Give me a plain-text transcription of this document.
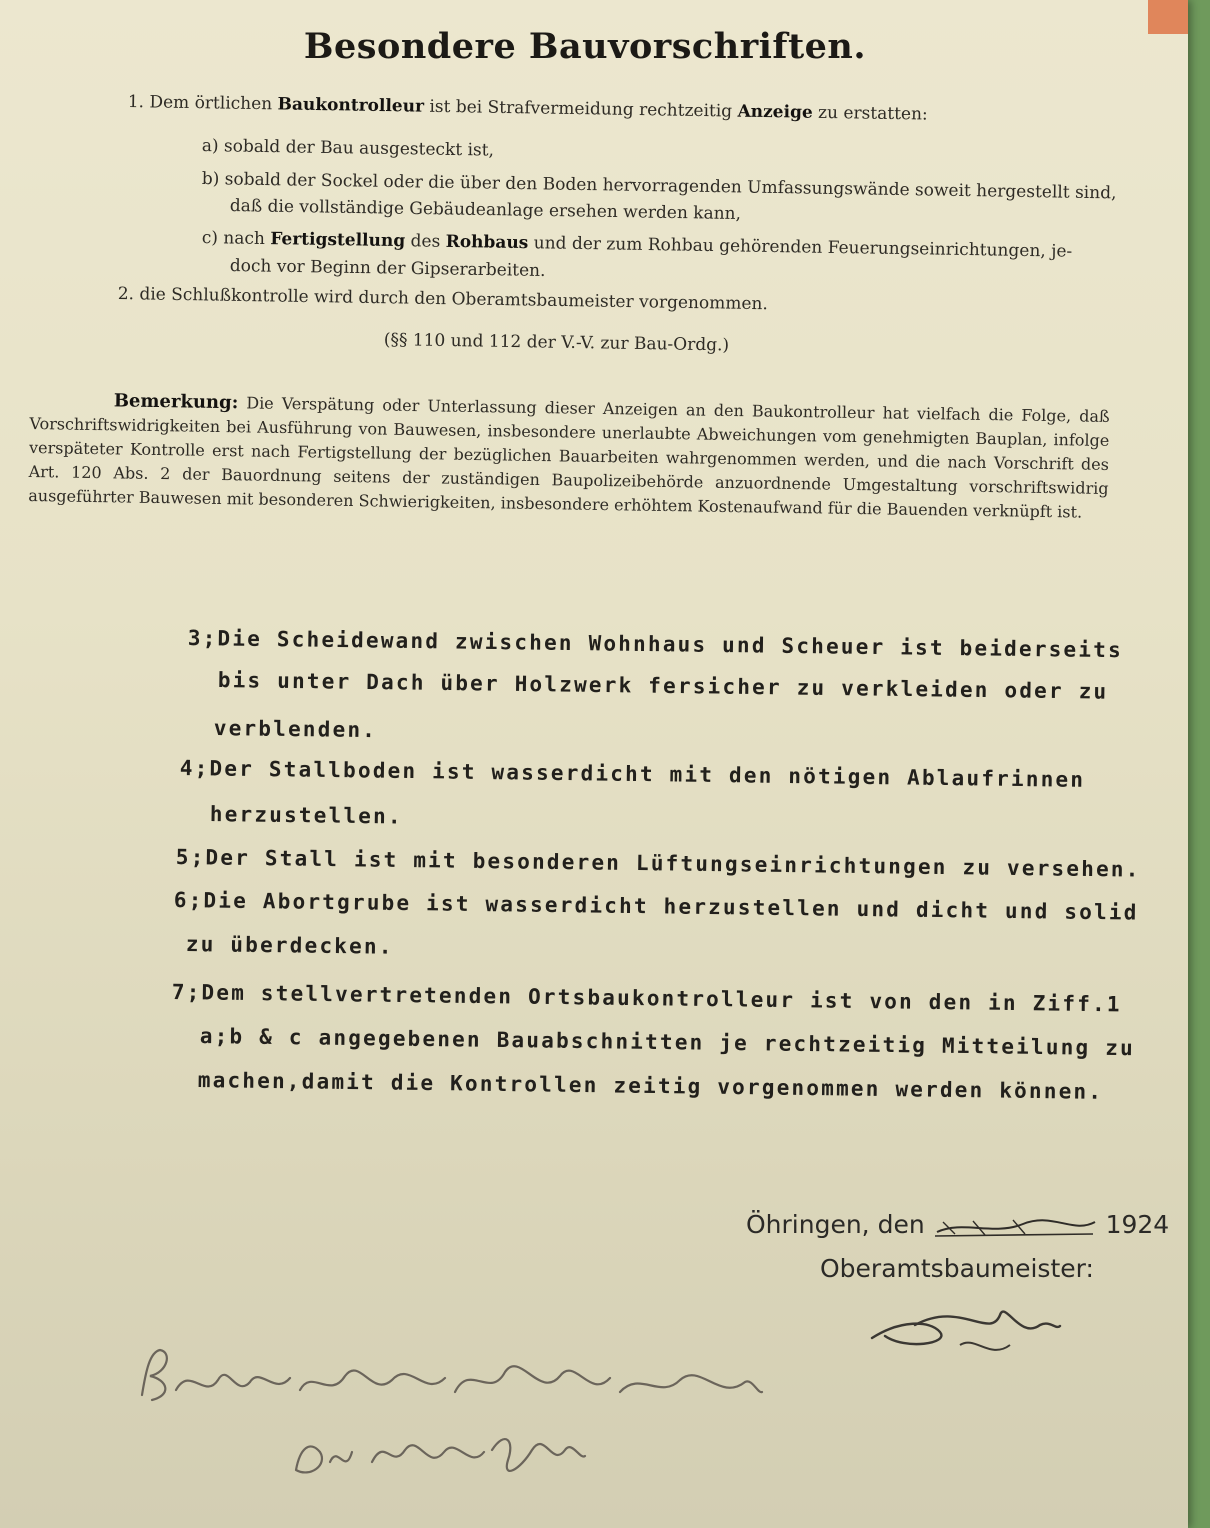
Besondere Bauvorschriften.
1. Dem örtlichen Baukontrolleur ist bei Strafvermeidung rechtzeitig Anzeige zu erstatten:
a) sobald der Bau ausgesteckt ist,
b) sobald der Sockel oder die über den Boden hervorragenden Umfassungswände soweit hergestellt sind,
daß die vollständige Gebäudeanlage ersehen werden kann,
c) nach Fertigstellung des Rohbaus und der zum Rohbau gehörenden Feuerungseinrichtungen, je-
doch vor Beginn der Gipserarbeiten.
2. die Schlußkontrolle wird durch den Oberamtsbaumeister vorgenommen.
(§§ 110 und 112 der V.-V. zur Bau-Ordg.)
Bemerkung: Die Verspätung oder Unterlassung dieser Anzeigen an den Baukontrolleur hat vielfach die Folge, daß Vorschriftswidrigkeiten bei Ausführung von Bauwesen, insbesondere unerlaubte Abweichungen vom genehmigten Bauplan, infolge verspäteter Kontrolle erst nach Fertigstellung der bezüglichen Bauarbeiten wahrgenommen werden, und die nach Vorschrift des Art. 120 Abs. 2 der Bauordnung seitens der zuständigen Baupolizeibehörde anzuordnende Umgestaltung vorschriftswidrig ausgeführter Bauwesen mit besonderen Schwierigkeiten, insbesondere erhöhtem Kostenaufwand für die Bauenden verknüpft ist.
3;Die Scheidewand zwischen Wohnhaus und Scheuer ist beiderseits
bis unter Dach über Holzwerk fersicher zu verkleiden oder zu
verblenden.
4;Der Stallboden ist wasserdicht mit den nötigen Ablaufrinnen
herzustellen.
5;Der Stall ist mit besonderen Lüftungseinrichtungen zu versehen.
6;Die Abortgrube ist wasserdicht herzustellen und dicht und solid
zu überdecken.
7;Dem stellvertretenden Ortsbaukontrolleur ist von den in Ziff.1
a;b & c angegebenen Bauabschnitten je rechtzeitig Mitteilung zu
machen,damit die Kontrollen zeitig vorgenommen werden können.
Öhringen, den	1924
Oberamtsbaumeister:
